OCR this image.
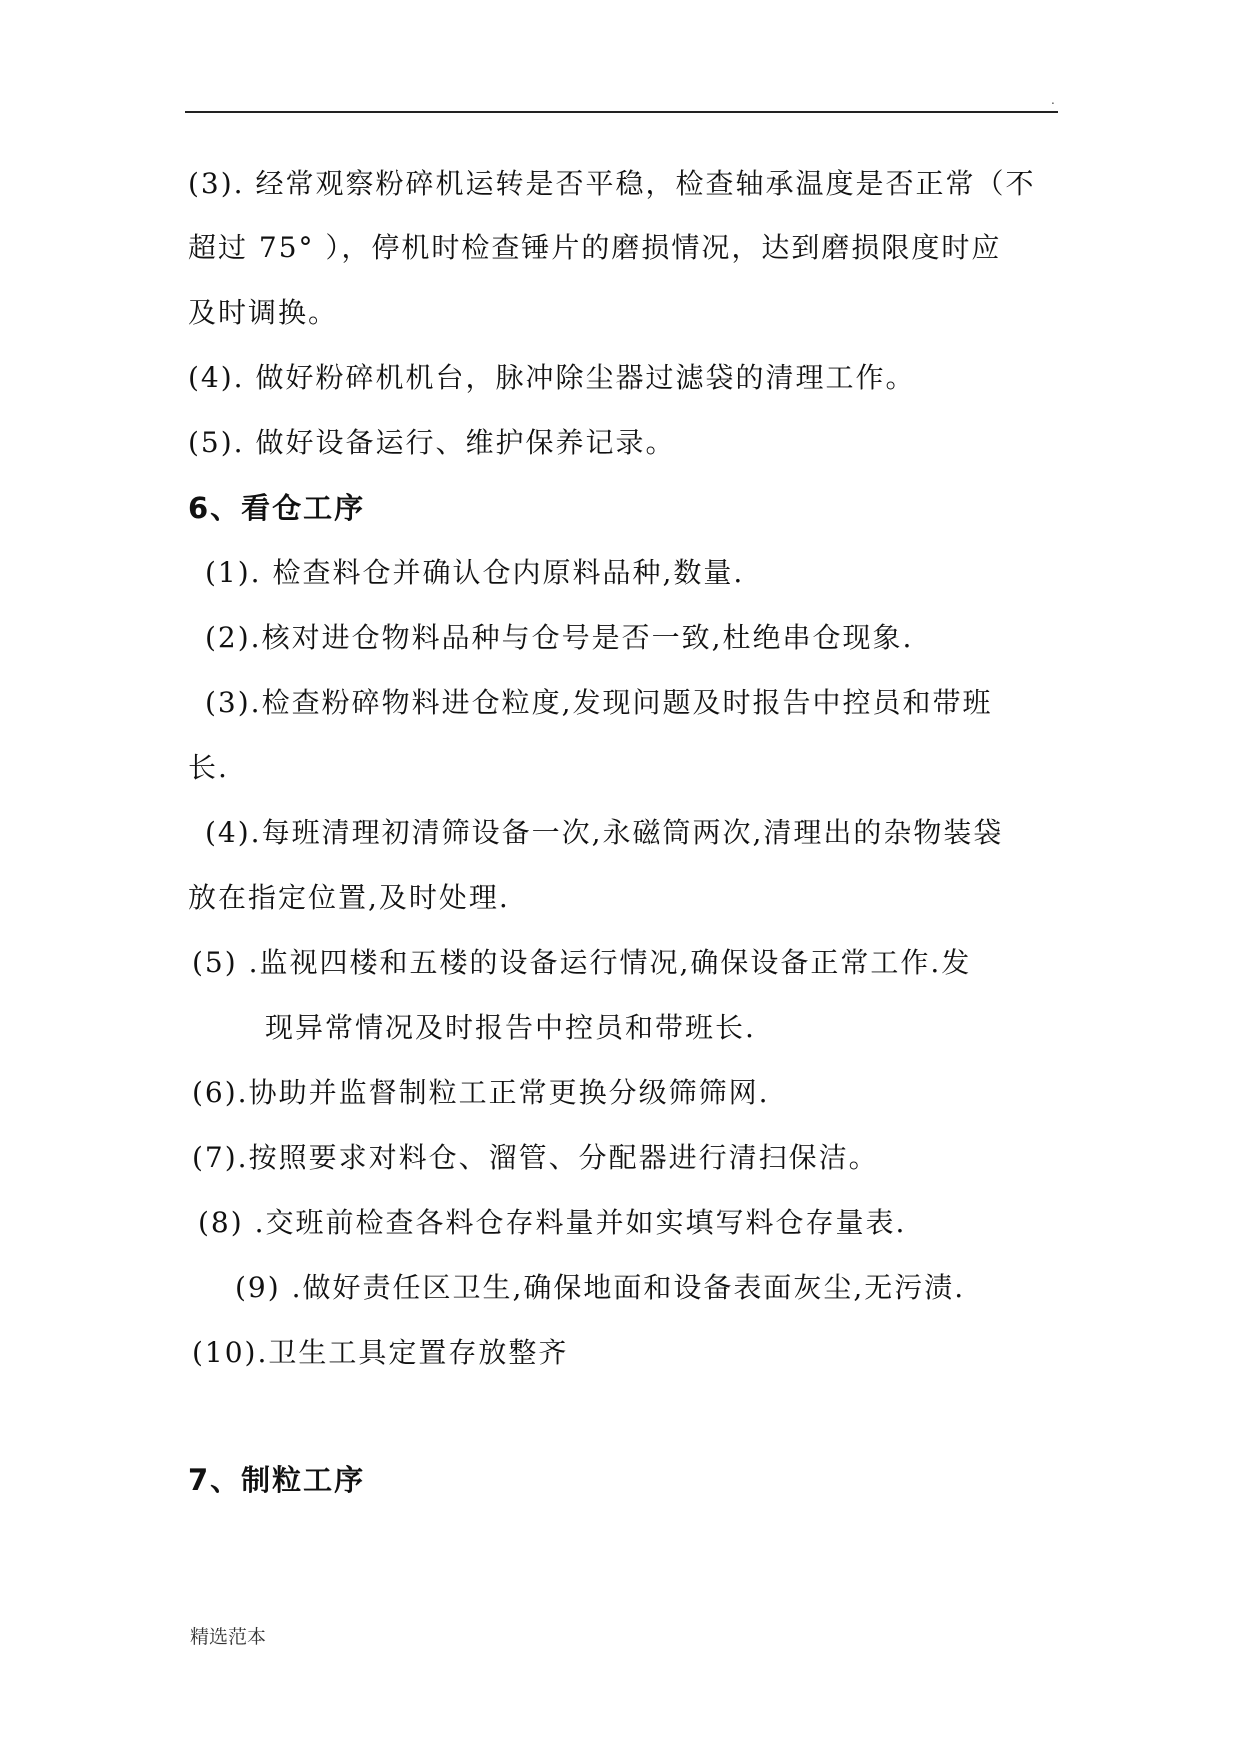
.
(3). 经常观察粉碎机运转是否平稳，检查轴承温度是否正常（不
超过 75° ），停机时检查锤片的磨损情况，达到磨损限度时应
及时调换。
(4). 做好粉碎机机台，脉冲除尘器过滤袋的清理工作。
(5). 做好设备运行、维护保养记录。
6、看仓工序
(1). 检查料仓并确认仓内原料品种,数量.
(2).核对进仓物料品种与仓号是否一致,杜绝串仓现象.
(3).检查粉碎物料进仓粒度,发现问题及时报告中控员和带班
长.
(4).每班清理初清筛设备一次,永磁筒两次,清理出的杂物装袋
放在指定位置,及时处理.
(5) .监视四楼和五楼的设备运行情况,确保设备正常工作.发
现异常情况及时报告中控员和带班长.
(6).协助并监督制粒工正常更换分级筛筛网.
(7).按照要求对料仓、溜管、分配器进行清扫保洁。
(8) .交班前检查各料仓存料量并如实填写料仓存量表.
(9) .做好责任区卫生,确保地面和设备表面灰尘,无污渍.
(10).卫生工具定置存放整齐
7、制粒工序
精选范本
